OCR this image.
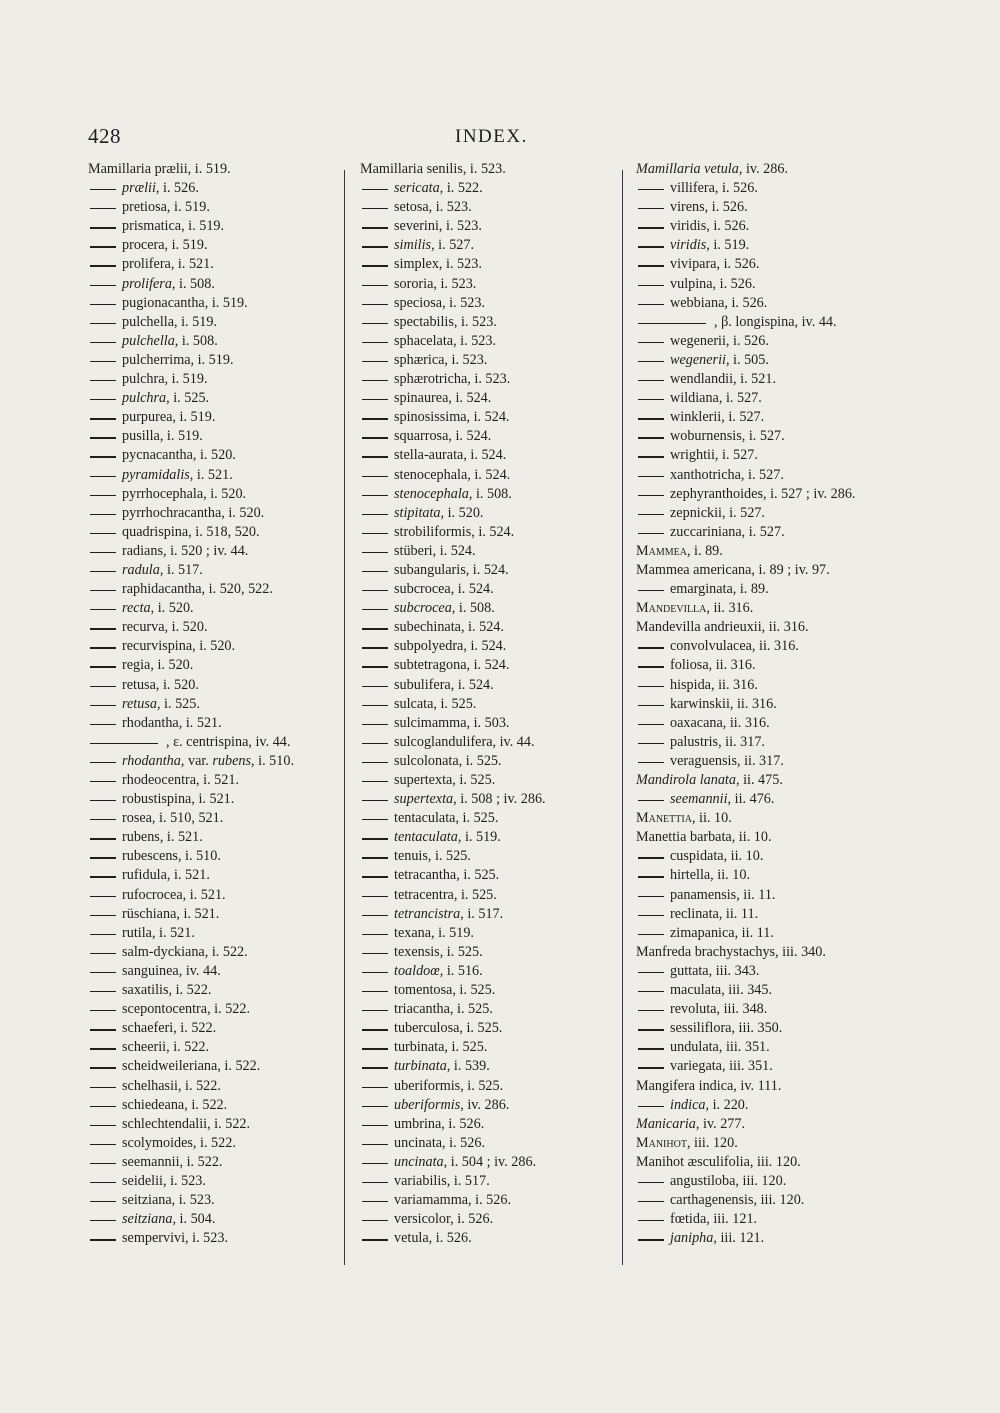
428	INDEX.
Mamillaria prælii, i. 519.
prælii, i. 526.
pretiosa, i. 519.
prismatica, i. 519.
procera, i. 519.
prolifera, i. 521.
prolifera, i. 508.
pugionacantha, i. 519.
pulchella, i. 519.
pulchella, i. 508.
pulcherrima, i. 519.
pulchra, i. 519.
pulchra, i. 525.
purpurea, i. 519.
pusilla, i. 519.
pycnacantha, i. 520.
pyramidalis, i. 521.
pyrrhocephala, i. 520.
pyrrhochracantha, i. 520.
quadrispina, i. 518, 520.
radians, i. 520 ; iv. 44.
radula, i. 517.
raphidacantha, i. 520, 522.
recta, i. 520.
recurva, i. 520.
recurvispina, i. 520.
regia, i. 520.
retusa, i. 520.
retusa, i. 525.
rhodantha, i. 521.
, ε. centrispina, iv. 44.
rhodantha, var. rubens, i. 510.
rhodeocentra, i. 521.
robustispina, i. 521.
rosea, i. 510, 521.
rubens, i. 521.
rubescens, i. 510.
rufidula, i. 521.
rufocrocea, i. 521.
rüschiana, i. 521.
rutila, i. 521.
salm-dyckiana, i. 522.
sanguinea, iv. 44.
saxatilis, i. 522.
scepontocentra, i. 522.
schaeferi, i. 522.
scheerii, i. 522.
scheidweileriana, i. 522.
schelhasii, i. 522.
schiedeana, i. 522.
schlechtendalii, i. 522.
scolymoides, i. 522.
seemannii, i. 522.
seidelii, i. 523.
seitziana, i. 523.
seitziana, i. 504.
sempervivi, i. 523.
Mamillaria senilis, i. 523.
sericata, i. 522.
setosa, i. 523.
severini, i. 523.
similis, i. 527.
simplex, i. 523.
sororia, i. 523.
speciosa, i. 523.
spectabilis, i. 523.
sphacelata, i. 523.
sphærica, i. 523.
sphærotricha, i. 523.
spinaurea, i. 524.
spinosissima, i. 524.
squarrosa, i. 524.
stella-aurata, i. 524.
stenocephala, i. 524.
stenocephala, i. 508.
stipitata, i. 520.
strobiliformis, i. 524.
stüberi, i. 524.
subangularis, i. 524.
subcrocea, i. 524.
subcrocea, i. 508.
subechinata, i. 524.
subpolyedra, i. 524.
subtetragona, i. 524.
subulifera, i. 524.
sulcata, i. 525.
sulcimamma, i. 503.
sulcoglandulifera, iv. 44.
sulcolonata, i. 525.
supertexta, i. 525.
supertexta, i. 508 ; iv. 286.
tentaculata, i. 525.
tentaculata, i. 519.
tenuis, i. 525.
tetracantha, i. 525.
tetracentra, i. 525.
tetrancistra, i. 517.
texana, i. 519.
texensis, i. 525.
toaldoœ, i. 516.
tomentosa, i. 525.
triacantha, i. 525.
tuberculosa, i. 525.
turbinata, i. 525.
turbinata, i. 539.
uberiformis, i. 525.
uberiformis, iv. 286.
umbrina, i. 526.
uncinata, i. 526.
uncinata, i. 504 ; iv. 286.
variabilis, i. 517.
variamamma, i. 526.
versicolor, i. 526.
vetula, i. 526.
Mamillaria vetula, iv. 286.
villifera, i. 526.
virens, i. 526.
viridis, i. 526.
viridis, i. 519.
vivipara, i. 526.
vulpina, i. 526.
webbiana, i. 526.
, β. longispina, iv. 44.
wegenerii, i. 526.
wegenerii, i. 505.
wendlandii, i. 521.
wildiana, i. 527.
winklerii, i. 527.
woburnensis, i. 527.
wrightii, i. 527.
xanthotricha, i. 527.
zephyranthoides, i. 527 ; iv. 286.
zepnickii, i. 527.
zuccariniana, i. 527.
Mammea, i. 89.
Mammea americana, i. 89 ; iv. 97.
emarginata, i. 89.
Mandevilla, ii. 316.
Mandevilla andrieuxii, ii. 316.
convolvulacea, ii. 316.
foliosa, ii. 316.
hispida, ii. 316.
karwinskii, ii. 316.
oaxacana, ii. 316.
palustris, ii. 317.
veraguensis, ii. 317.
Mandirola lanata, ii. 475.
seemannii, ii. 476.
Manettia, ii. 10.
Manettia barbata, ii. 10.
cuspidata, ii. 10.
hirtella, ii. 10.
panamensis, ii. 11.
reclinata, ii. 11.
zimapanica, ii. 11.
Manfreda brachystachys, iii. 340.
guttata, iii. 343.
maculata, iii. 345.
revoluta, iii. 348.
sessiliflora, iii. 350.
undulata, iii. 351.
variegata, iii. 351.
Mangifera indica, iv. 111.
indica, i. 220.
Manicaria, iv. 277.
Manihot, iii. 120.
Manihot æsculifolia, iii. 120.
angustiloba, iii. 120.
carthagenensis, iii. 120.
fœtida, iii. 121.
janipha, iii. 121.
